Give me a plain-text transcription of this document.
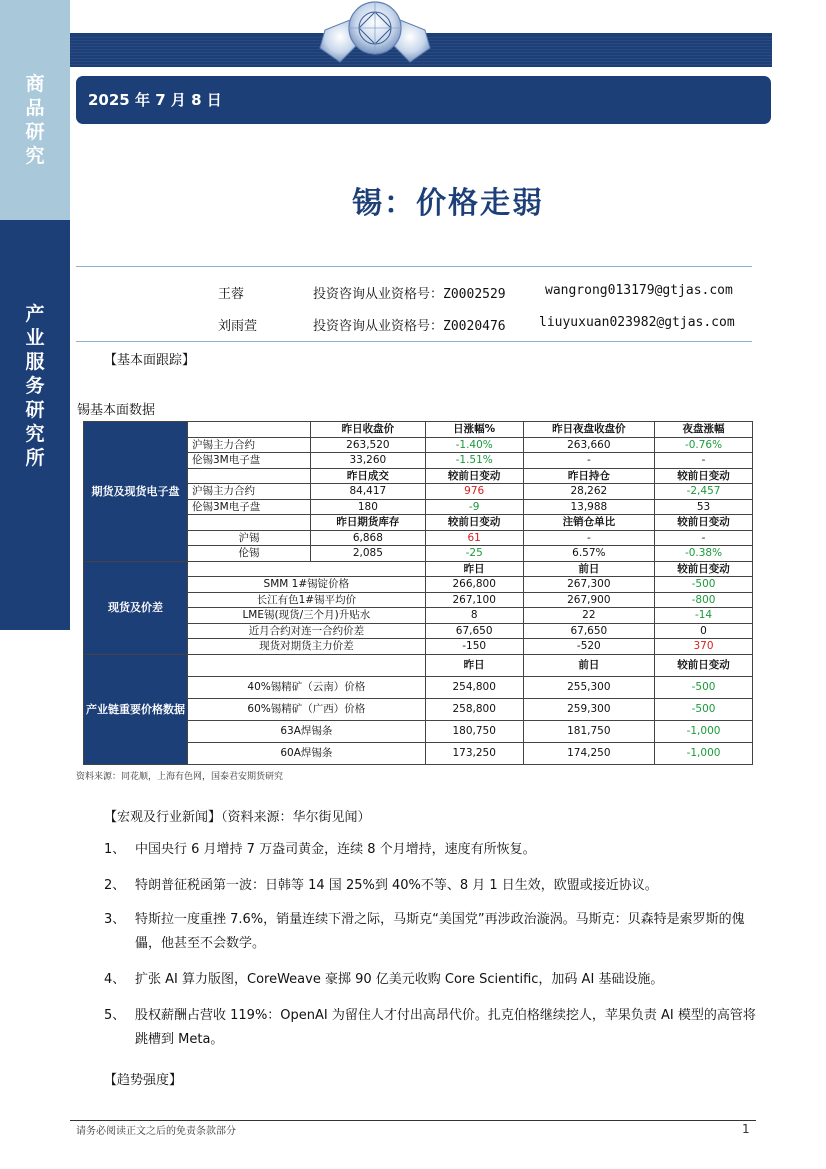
商
品
研
究
产
业
服
务
研
究
所
2025 年 7 月 8 日
锡：价格走弱
王蓉	投资咨询从业资格号：Z0002529	wangrong013179@gtjas.com
刘雨萱	投资咨询从业资格号：Z0020476	liuyuxuan023982@gtjas.com
【基本面跟踪】
锡基本面数据
期货及现货电子盘		昨日收盘价	日涨幅%	昨日夜盘收盘价	夜盘涨幅
	沪锡主力合约	263,520	-1.40%	263,660	-0.76%
	伦锡3M电子盘	33,260	-1.51%	-	-
		昨日成交	较前日变动	昨日持仓	较前日变动
	沪锡主力合约	84,417	976	28,262	-2,457
	伦锡3M电子盘	180	-9	13,988	53
		昨日期货库存	较前日变动	注销仓单比	较前日变动
	沪锡	6,868	61	-	-
	伦锡	2,085	-25	6.57%	-0.38%
现货及价差			昨日	前日	较前日变动
	SMM 1#锡锭价格		266,800	267,300	-500
	长江有色1#锡平均价		267,100	267,900	-800
	LME锡(现货/三个月)升贴水		8	22	-14
	近月合约对连一合约价差		67,650	67,650	0
	现货对期货主力价差		-150	-520	370
产业链重要价格数据			昨日	前日	较前日变动
	40%锡精矿（云南）价格		254,800	255,300	-500
	60%锡精矿（广西）价格		258,800	259,300	-500
	63A焊锡条		180,750	181,750	-1,000
	60A焊锡条		173,250	174,250	-1,000
资料来源：同花顺，上海有色网，国泰君安期货研究
【宏观及行业新闻】（资料来源：华尔街见闻）
1、 中国央行 6 月增持 7 万盎司黄金，连续 8 个月增持，速度有所恢复。
2、 特朗普征税函第一波：日韩等 14 国 25%到 40%不等、8 月 1 日生效，欧盟或接近协议。
3、 特斯拉一度重挫 7.6%，销量连续下滑之际，马斯克“美国党”再涉政治漩涡。马斯克：贝森特是索罗斯的傀儡，他甚至不会数学。
4、 扩张 AI 算力版图，CoreWeave 豪掷 90 亿美元收购 Core Scientific，加码 AI 基础设施。
5、 股权薪酬占营收 119%：OpenAI 为留住人才付出高昂代价。扎克伯格继续挖人，苹果负责 AI 模型的高管将跳槽到 Meta。
【趋势强度】
请务必阅读正文之后的免责条款部分	1
